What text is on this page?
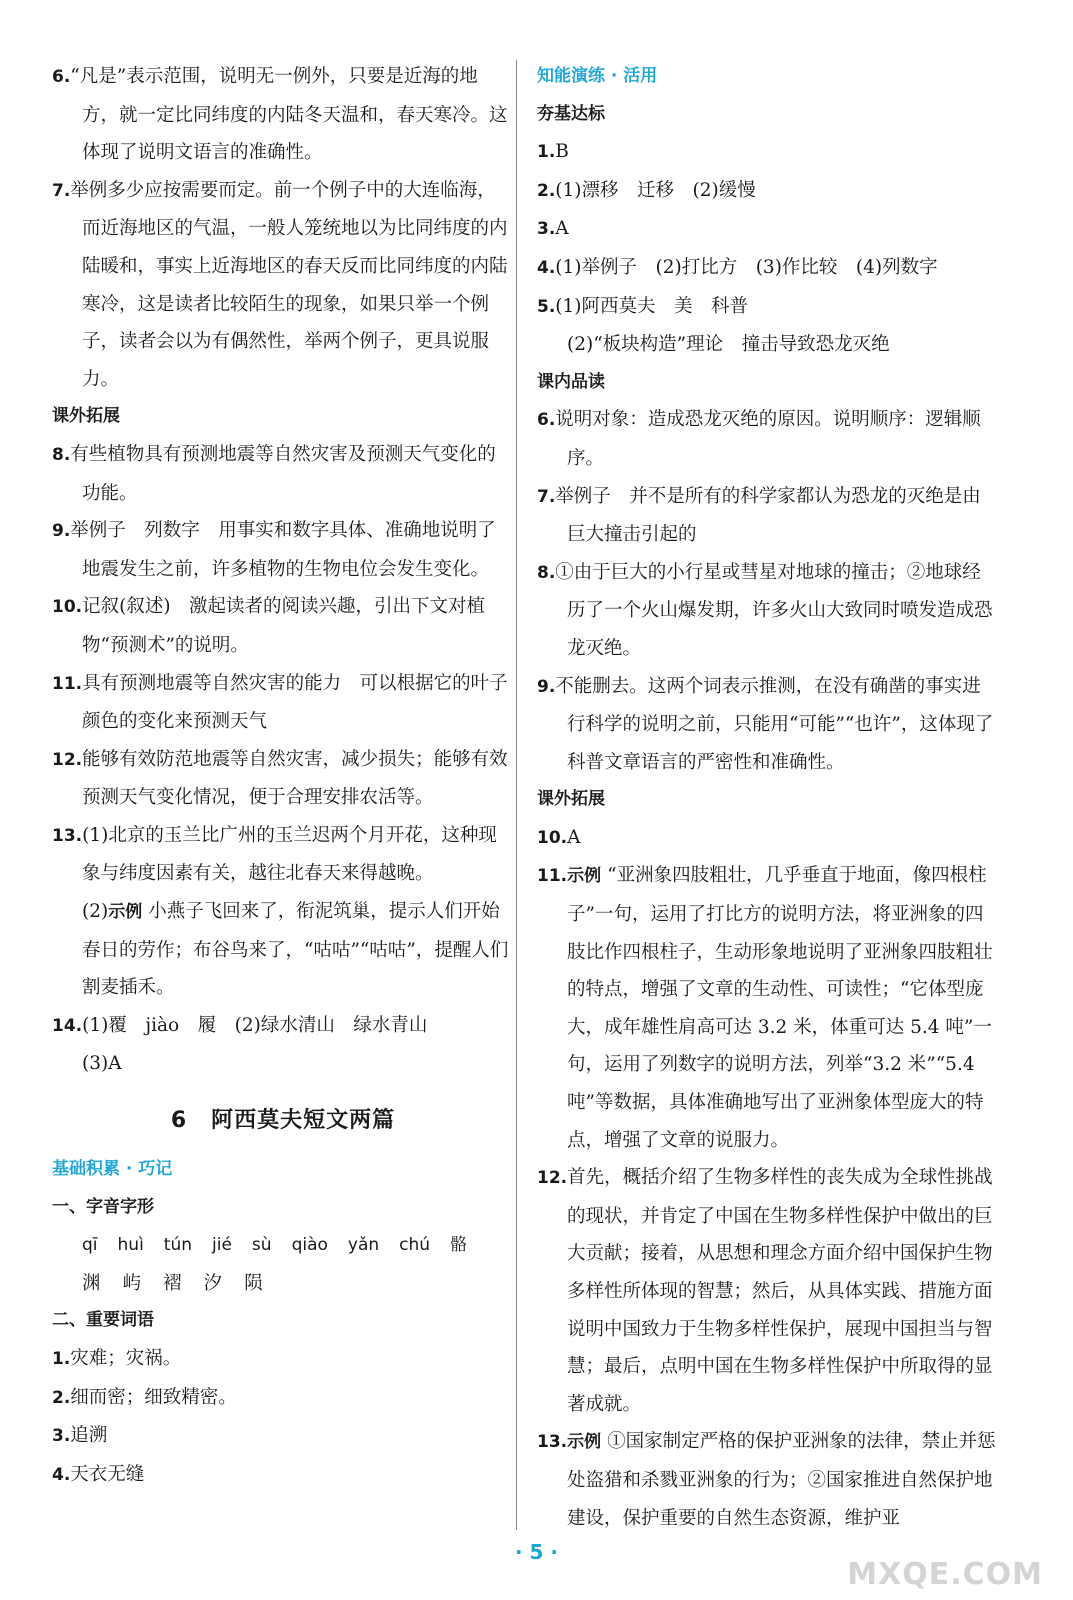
6.“凡是”表示范围，说明无一例外，只要是近海的地方，就一定比同纬度的内陆冬天温和，春天寒冷。这体现了说明文语言的准确性。

7.举例多少应按需要而定。前一个例子中的大连临海，而近海地区的气温，一般人笼统地以为比同纬度的内陆暖和，事实上近海地区的春天反而比同纬度的内陆寒冷，这是读者比较陌生的现象，如果只举一个例子，读者会以为有偶然性，举两个例子，更具说服力。

课外拓展

8.有些植物具有预测地震等自然灾害及预测天气变化的功能。

9.举例子　列数字　用事实和数字具体、准确地说明了地震发生之前，许多植物的生物电位会发生变化。

10.记叙(叙述)　激起读者的阅读兴趣，引出下文对植物“预测术”的说明。

11.具有预测地震等自然灾害的能力　可以根据它的叶子颜色的变化来预测天气

12.能够有效防范地震等自然灾害，减少损失；能够有效预测天气变化情况，便于合理安排农活等。

13.(1)北京的玉兰比广州的玉兰迟两个月开花，这种现象与纬度因素有关，越往北春天来得越晚。

(2)示例 小燕子飞回来了，衔泥筑巢，提示人们开始春日的劳作；布谷鸟来了，“咕咕”“咕咕”，提醒人们割麦插禾。

14.(1)覆　jiào　履　(2)绿水清山　绿水青山

(3)A

6 阿西莫夫短文两篇

基础积累 · 巧记

一、字音字形

qī huì tún jié sù qiào yǎn chú 骼

渊 屿 褶 汐 陨

二、重要词语

1.灾难；灾祸。

2.细而密；细致精密。

3.追溯

4.天衣无缝

知能演练 · 活用

夯基达标

1.B

2.(1)漂移　迁移　(2)缓慢

3.A

4.(1)举例子　(2)打比方　(3)作比较　(4)列数字

5.(1)阿西莫夫　美　科普

(2)“板块构造”理论　撞击导致恐龙灭绝

课内品读

6.说明对象：造成恐龙灭绝的原因。说明顺序：逻辑顺序。

7.举例子　并不是所有的科学家都认为恐龙的灭绝是由巨大撞击引起的

8.①由于巨大的小行星或彗星对地球的撞击；②地球经历了一个火山爆发期，许多火山大致同时喷发造成恐龙灭绝。

9.不能删去。这两个词表示推测，在没有确凿的事实进行科学的说明之前，只能用“可能”“也许”，这体现了科普文章语言的严密性和准确性。

课外拓展

10.A

11.示例 “亚洲象四肢粗壮，几乎垂直于地面，像四根柱子”一句，运用了打比方的说明方法，将亚洲象的四肢比作四根柱子，生动形象地说明了亚洲象四肢粗壮的特点，增强了文章的生动性、可读性；“它体型庞大，成年雄性肩高可达 3.2 米，体重可达 5.4 吨”一句，运用了列数字的说明方法，列举“3.2 米”“5.4 吨”等数据，具体准确地写出了亚洲象体型庞大的特点，增强了文章的说服力。

12.首先，概括介绍了生物多样性的丧失成为全球性挑战的现状，并肯定了中国在生物多样性保护中做出的巨大贡献；接着，从思想和理念方面介绍中国保护生物多样性所体现的智慧；然后，从具体实践、措施方面说明中国致力于生物多样性保护，展现中国担当与智慧；最后，点明中国在生物多样性保护中所取得的显著成就。

13.示例 ①国家制定严格的保护亚洲象的法律，禁止并惩处盗猎和杀戮亚洲象的行为；②国家推进自然保护地建设，保护重要的自然生态资源，维护亚

· 5 ·
MXQE.COM
